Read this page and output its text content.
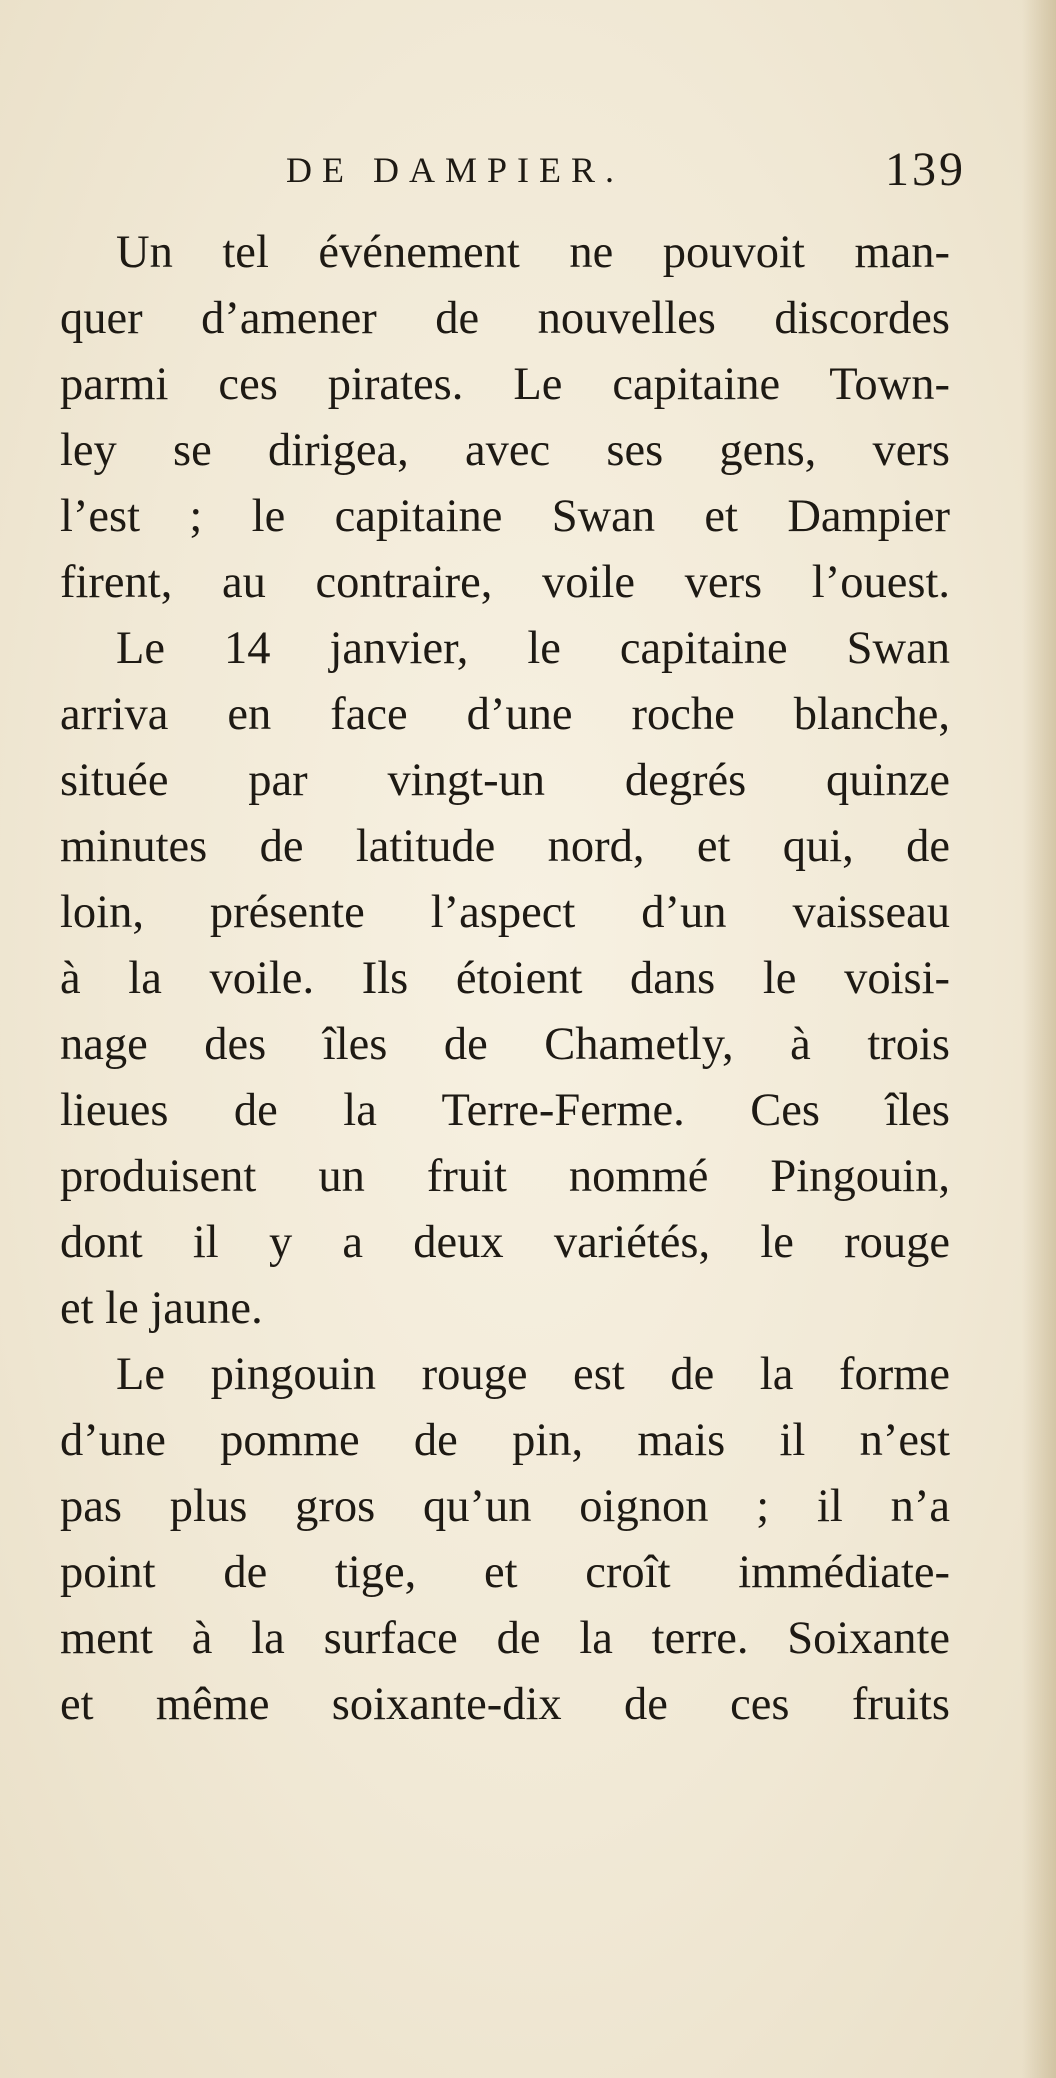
DE DAMPIER.	139
Un tel événement ne pouvoit man-
quer d’amener de nouvelles discordes
parmi ces pirates. Le capitaine Town-
ley se dirigea, avec ses gens, vers
l’est ; le capitaine Swan et Dampier
firent, au contraire, voile vers l’ouest.
Le 14 janvier, le capitaine Swan
arriva en face d’une roche blanche,
située par vingt-un degrés quinze
minutes de latitude nord, et qui, de
loin, présente l’aspect d’un vaisseau
à la voile. Ils étoient dans le voisi-
nage des îles de Chametly, à trois
lieues de la Terre-Ferme. Ces îles
produisent un fruit nommé Pingouin,
dont il y a deux variétés, le rouge
et le jaune.
Le pingouin rouge est de la forme
d’une pomme de pin, mais il n’est
pas plus gros qu’un oignon ; il n’a
point de tige, et croît immédiate-
ment à la surface de la terre. Soixante
et même soixante-dix de ces fruits
